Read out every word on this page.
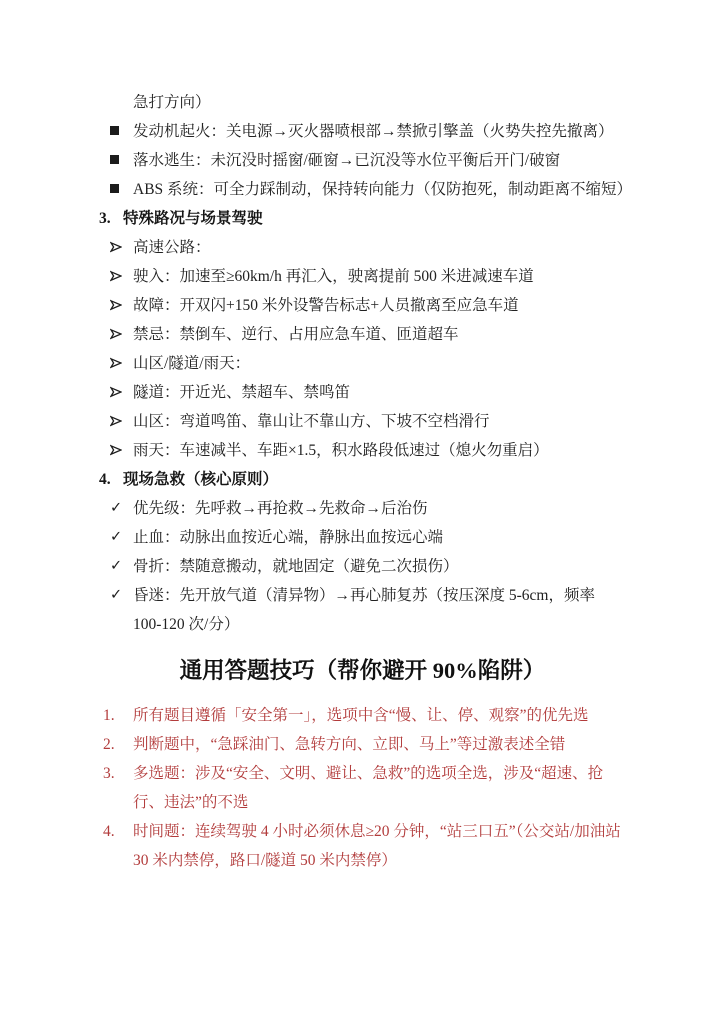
急打方向）
发动机起火：关电源→灭火器喷根部→禁掀引擎盖（火势失控先撤离）
落水逃生：未沉没时摇窗/砸窗→已沉没等水位平衡后开门/破窗
ABS 系统：可全力踩制动，保持转向能力（仅防抱死，制动距离不缩短）
3. 特殊路况与场景驾驶
高速公路：
驶入：加速至≥60km/h 再汇入，驶离提前 500 米进减速车道
故障：开双闪+150 米外设警告标志+人员撤离至应急车道
禁忌：禁倒车、逆行、占用应急车道、匝道超车
山区/隧道/雨天：
隧道：开近光、禁超车、禁鸣笛
山区：弯道鸣笛、靠山让不靠山方、下坡不空档滑行
雨天：车速减半、车距×1.5，积水路段低速过（熄火勿重启）
4. 现场急救（核心原则）
✓ 优先级：先呼救→再抢救→先救命→后治伤
✓ 止血：动脉出血按近心端，静脉出血按远心端
✓ 骨折：禁随意搬动，就地固定（避免二次损伤）
✓ 昏迷：先开放气道（清异物）→再心肺复苏（按压深度 5-6cm，频率 100-120 次/分）
通用答题技巧（帮你避开 90%陷阱）
1.	所有题目遵循「安全第一」，选项中含“慢、让、停、观察”的优先选
2.	判断题中，“急踩油门、急转方向、立即、马上”等过激表述全错
3.	多选题：涉及“安全、文明、避让、急救”的选项全选，涉及“超速、抢行、违法”的不选
4.	时间题：连续驾驶 4 小时必须休息≥20 分钟，“站三口五”（公交站/加油站 30 米内禁停，路口/隧道 50 米内禁停）
